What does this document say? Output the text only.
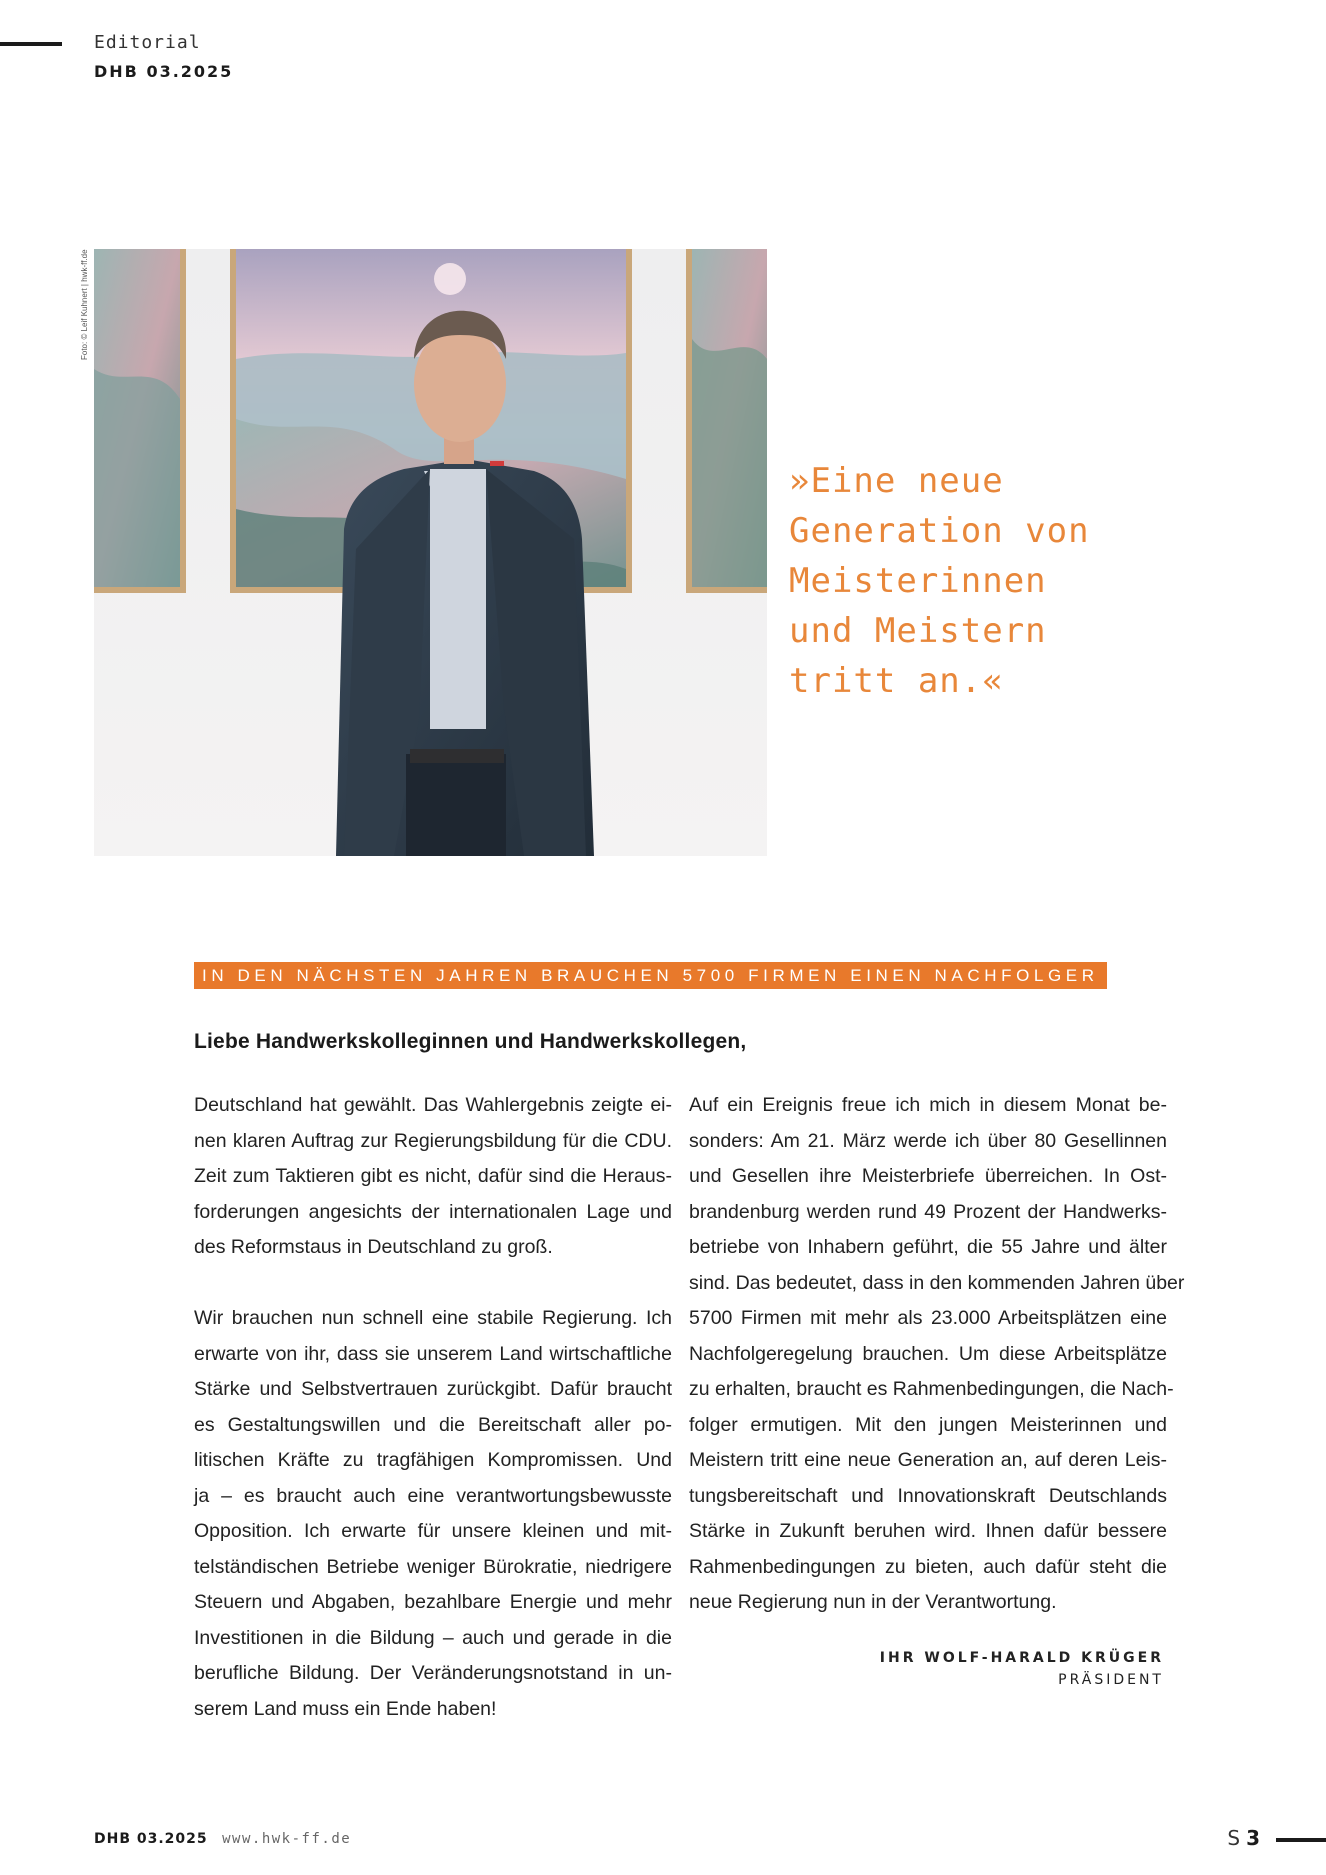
Editorial
DHB 03.2025
Foto: © Leif Kuhnert | hwk-ff.de
»Eine neue
Generation von
Meisterinnen
und Meistern
tritt an.«
IN DEN NÄCHSTEN JAHREN BRAUCHEN 5700 FIRMEN EINEN NACHFOLGER
Liebe Handwerkskolleginnen und Handwerkskollegen,
Deutschland hat gewählt. Das Wahlergebnis zeigte ei-
nen klaren Auftrag zur Regierungsbildung für die CDU.
Zeit zum Taktieren gibt es nicht, dafür sind die Heraus-
forderungen angesichts der internationalen Lage und
des Reformstaus in Deutschland zu groß.
Wir brauchen nun schnell eine stabile Regierung. Ich
erwarte von ihr, dass sie unserem Land wirtschaftliche
Stärke und Selbstvertrauen zurückgibt. Dafür braucht
es Gestaltungswillen und die Bereitschaft aller po-
litischen Kräfte zu tragfähigen Kompromissen. Und
ja – es braucht auch eine verantwortungsbewusste
Opposition. Ich erwarte für unsere kleinen und mit-
telständischen Betriebe weniger Bürokratie, niedrigere
Steuern und Abgaben, bezahlbare Energie und mehr
Investitionen in die Bildung – auch und gerade in die
berufliche Bildung. Der Veränderungsnotstand in un-
serem Land muss ein Ende haben!
Auf ein Ereignis freue ich mich in diesem Monat be-
sonders: Am 21. März werde ich über 80 Gesellinnen
und Gesellen ihre Meisterbriefe überreichen. In Ost-
brandenburg werden rund 49 Prozent der Handwerks-
betriebe von Inhabern geführt, die 55 Jahre und älter
sind. Das bedeutet, dass in den kommenden Jahren über
5700 Firmen mit mehr als 23.000 Arbeitsplätzen eine
Nachfolgeregelung brauchen. Um diese Arbeitsplätze
zu erhalten, braucht es Rahmenbedingungen, die Nach-
folger ermutigen. Mit den jungen Meisterinnen und
Meistern tritt eine neue Generation an, auf deren Leis-
tungsbereitschaft und Innovationskraft Deutschlands
Stärke in Zukunft beruhen wird. Ihnen dafür bessere
Rahmenbedingungen zu bieten, auch dafür steht die
neue Regierung nun in der Verantwortung.
IHR WOLF-HARALD KRÜGER
PRÄSIDENT
DHB 03.2025 www.hwk-ff.de	S 3
